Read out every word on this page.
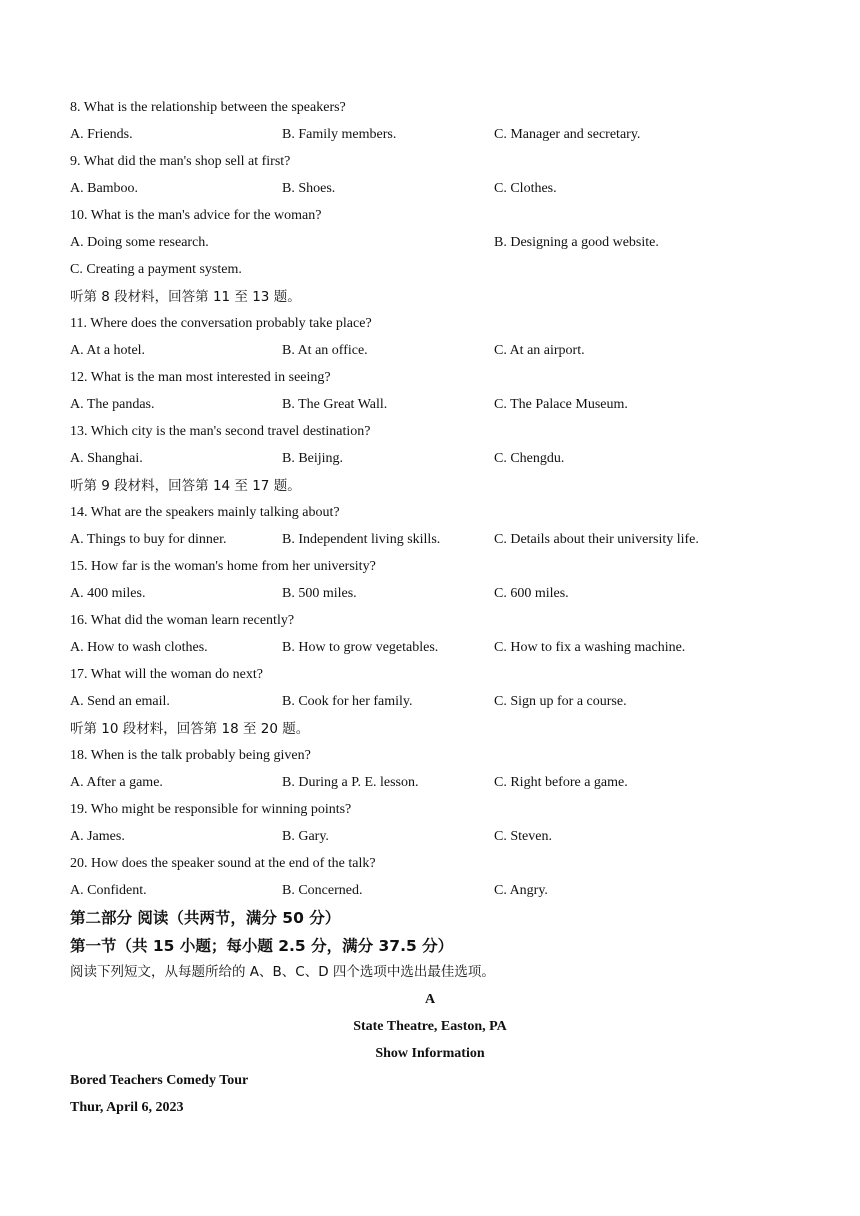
8. What is the relationship between the speakers?
A. Friends.	B. Family members.	C. Manager and secretary.
9. What did the man's shop sell at first?
A. Bamboo.	B. Shoes.	C. Clothes.
10. What is the man's advice for the woman?
A. Doing some research.	B. Designing a good website.
C. Creating a payment system.
听第 8 段材料，回答第 11 至 13 题。
11. Where does the conversation probably take place?
A. At a hotel.	B. At an office.	C. At an airport.
12. What is the man most interested in seeing?
A. The pandas.	B. The Great Wall.	C. The Palace Museum.
13. Which city is the man's second travel destination?
A. Shanghai.	B. Beijing.	C. Chengdu.
听第 9 段材料，回答第 14 至 17 题。
14. What are the speakers mainly talking about?
A. Things to buy for dinner.	B. Independent living skills.	C. Details about their university life.
15. How far is the woman's home from her university?
A. 400 miles.	B. 500 miles.	C. 600 miles.
16. What did the woman learn recently?
A. How to wash clothes.	B. How to grow vegetables.	C. How to fix a washing machine.
17. What will the woman do next?
A. Send an email.	B. Cook for her family.	C. Sign up for a course.
听第 10 段材料，回答第 18 至 20 题。
18. When is the talk probably being given?
A. After a game.	B. During a P. E. lesson.	C. Right before a game.
19. Who might be responsible for winning points?
A. James.	B. Gary.	C. Steven.
20. How does the speaker sound at the end of the talk?
A. Confident.	B. Concerned.	C. Angry.
第二部分 阅读（共两节，满分 50 分）
第一节（共 15 小题；每小题 2.5 分，满分 37.5 分）
阅读下列短文，从每题所给的 A、B、C、D 四个选项中选出最佳选项。
A
State Theatre, Easton, PA
Show Information
Bored Teachers Comedy Tour
Thur, April 6, 2023
